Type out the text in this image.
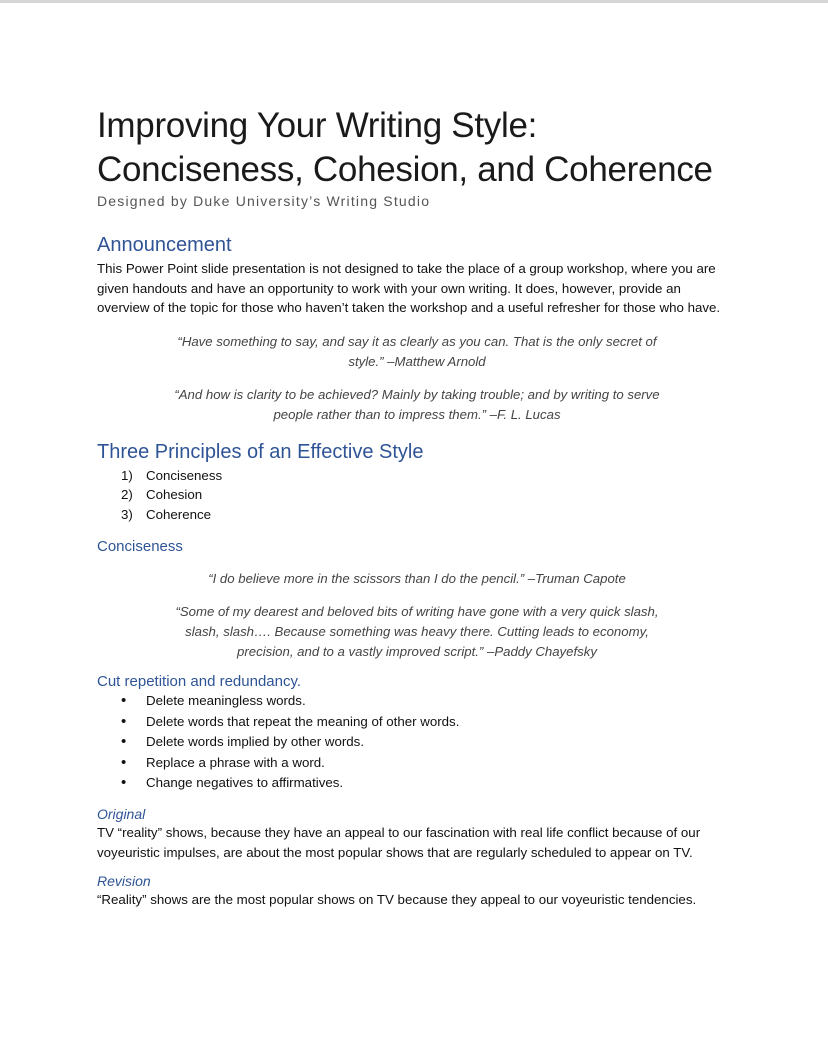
Improving Your Writing Style: Conciseness, Cohesion, and Coherence
Designed by Duke University’s Writing Studio
Announcement

This Power Point slide presentation is not designed to take the place of a group workshop, where you are given handouts and have an opportunity to work with your own writing. It does, however, provide an overview of the topic for those who haven’t taken the workshop and a useful refresher for those who have.

“Have something to say, and say it as clearly as you can. That is the only secret of style.” –Matthew Arnold

“And how is clarity to be achieved? Mainly by taking trouble; and by writing to serve people rather than to impress them.” –F. L. Lucas

Three Principles of an Effective Style
1) Conciseness
2) Cohesion
3) Coherence
Conciseness

“I do believe more in the scissors than I do the pencil.” –Truman Capote

“Some of my dearest and beloved bits of writing have gone with a very quick slash, slash, slash…. Because something was heavy there. Cutting leads to economy, precision, and to a vastly improved script.” –Paddy Chayefsky

Cut repetition and redundancy.
• Delete meaningless words.
• Delete words that repeat the meaning of other words.
• Delete words implied by other words.
• Replace a phrase with a word.
• Change negatives to affirmatives.
Original

TV “reality” shows, because they have an appeal to our fascination with real life conflict because of our voyeuristic impulses, are about the most popular shows that are regularly scheduled to appear on TV.

Revision

“Reality” shows are the most popular shows on TV because they appeal to our voyeuristic tendencies.
